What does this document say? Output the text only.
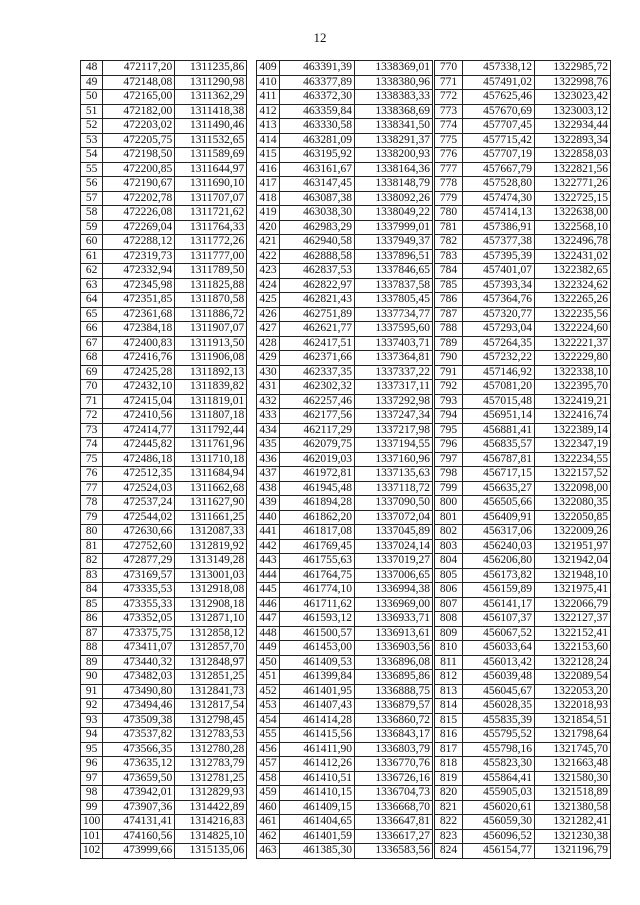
12
48	472117,20	1311235,86
49	472148,08	1311290,98
50	472165,00	1311362,29
51	472182,00	1311418,38
52	472203,02	1311490,46
53	472205,75	1311532,65
54	472198,50	1311589,69
55	472200,85	1311644,97
56	472190,67	1311690,10
57	472202,78	1311707,07
58	472226,08	1311721,62
59	472269,04	1311764,33
60	472288,12	1311772,26
61	472319,73	1311777,00
62	472332,94	1311789,50
63	472345,98	1311825,88
64	472351,85	1311870,58
65	472361,68	1311886,72
66	472384,18	1311907,07
67	472400,83	1311913,50
68	472416,76	1311906,08
69	472425,28	1311892,13
70	472432,10	1311839,82
71	472415,04	1311819,01
72	472410,56	1311807,18
73	472414,77	1311792,44
74	472445,82	1311761,96
75	472486,18	1311710,18
76	472512,35	1311684,94
77	472524,03	1311662,68
78	472537,24	1311627,90
79	472544,02	1311661,25
80	472630,66	1312087,33
81	472752,60	1312819,92
82	472877,29	1313149,28
83	473169,57	1313001,03
84	473335,53	1312918,08
85	473355,33	1312908,18
86	473352,05	1312871,10
87	473375,75	1312858,12
88	473411,07	1312857,70
89	473440,32	1312848,97
90	473482,03	1312851,25
91	473490,80	1312841,73
92	473494,46	1312817,54
93	473509,38	1312798,45
94	473537,82	1312783,53
95	473566,35	1312780,28
96	473635,12	1312783,79
97	473659,50	1312781,25
98	473942,01	1312829,93
99	473907,36	1314422,89
100	474131,41	1314216,83
101	474160,56	1314825,10
102	473999,66	1315135,06
409	463391,39	1338369,01
410	463377,89	1338380,96
411	463372,30	1338383,33
412	463359,84	1338368,69
413	463330,58	1338341,50
414	463281,09	1338291,37
415	463195,92	1338200,93
416	463161,67	1338164,36
417	463147,45	1338148,79
418	463087,38	1338092,26
419	463038,30	1338049,22
420	462983,29	1337999,01
421	462940,58	1337949,37
422	462888,58	1337896,51
423	462837,53	1337846,65
424	462822,97	1337837,58
425	462821,43	1337805,45
426	462751,89	1337734,77
427	462621,77	1337595,60
428	462417,51	1337403,71
429	462371,66	1337364,81
430	462337,35	1337337,22
431	462302,32	1337317,11
432	462257,46	1337292,98
433	462177,56	1337247,34
434	462117,29	1337217,98
435	462079,75	1337194,55
436	462019,03	1337160,96
437	461972,81	1337135,63
438	461945,48	1337118,72
439	461894,28	1337090,50
440	461862,20	1337072,04
441	461817,08	1337045,89
442	461769,45	1337024,14
443	461755,63	1337019,27
444	461764,75	1337006,65
445	461774,10	1336994,38
446	461711,62	1336969,00
447	461593,12	1336933,71
448	461500,57	1336913,61
449	461453,00	1336903,56
450	461409,53	1336896,08
451	461399,84	1336895,86
452	461401,95	1336888,75
453	461407,43	1336879,57
454	461414,28	1336860,72
455	461415,56	1336843,17
456	461411,90	1336803,79
457	461412,26	1336770,76
458	461410,51	1336726,16
459	461410,15	1336704,73
460	461409,15	1336668,70
461	461404,65	1336647,81
462	461401,59	1336617,27
463	461385,30	1336583,56
770	457338,12	1322985,72
771	457491,02	1322998,76
772	457625,46	1323023,42
773	457670,69	1323003,12
774	457707,45	1322934,44
775	457715,42	1322893,34
776	457707,19	1322858,03
777	457667,79	1322821,56
778	457528,80	1322771,26
779	457474,30	1322725,15
780	457414,13	1322638,00
781	457386,91	1322568,10
782	457377,38	1322496,78
783	457395,39	1322431,02
784	457401,07	1322382,65
785	457393,34	1322324,62
786	457364,76	1322265,26
787	457320,77	1322235,56
788	457293,04	1322224,60
789	457264,35	1322221,37
790	457232,22	1322229,80
791	457146,92	1322338,10
792	457081,20	1322395,70
793	457015,48	1322419,21
794	456951,14	1322416,74
795	456881,41	1322389,14
796	456835,57	1322347,19
797	456787,81	1322234,55
798	456717,15	1322157,52
799	456635,27	1322098,00
800	456505,66	1322080,35
801	456409,91	1322050,85
802	456317,06	1322009,26
803	456240,03	1321951,97
804	456206,80	1321942,04
805	456173,82	1321948,10
806	456159,89	1321975,41
807	456141,17	1322066,79
808	456107,37	1322127,37
809	456067,52	1322152,41
810	456033,64	1322153,60
811	456013,42	1322128,24
812	456039,48	1322089,54
813	456045,67	1322053,20
814	456028,35	1322018,93
815	455835,39	1321854,51
816	455795,52	1321798,64
817	455798,16	1321745,70
818	455823,30	1321663,48
819	455864,41	1321580,30
820	455905,03	1321518,89
821	456020,61	1321380,58
822	456059,30	1321282,41
823	456096,52	1321230,38
824	456154,77	1321196,79
